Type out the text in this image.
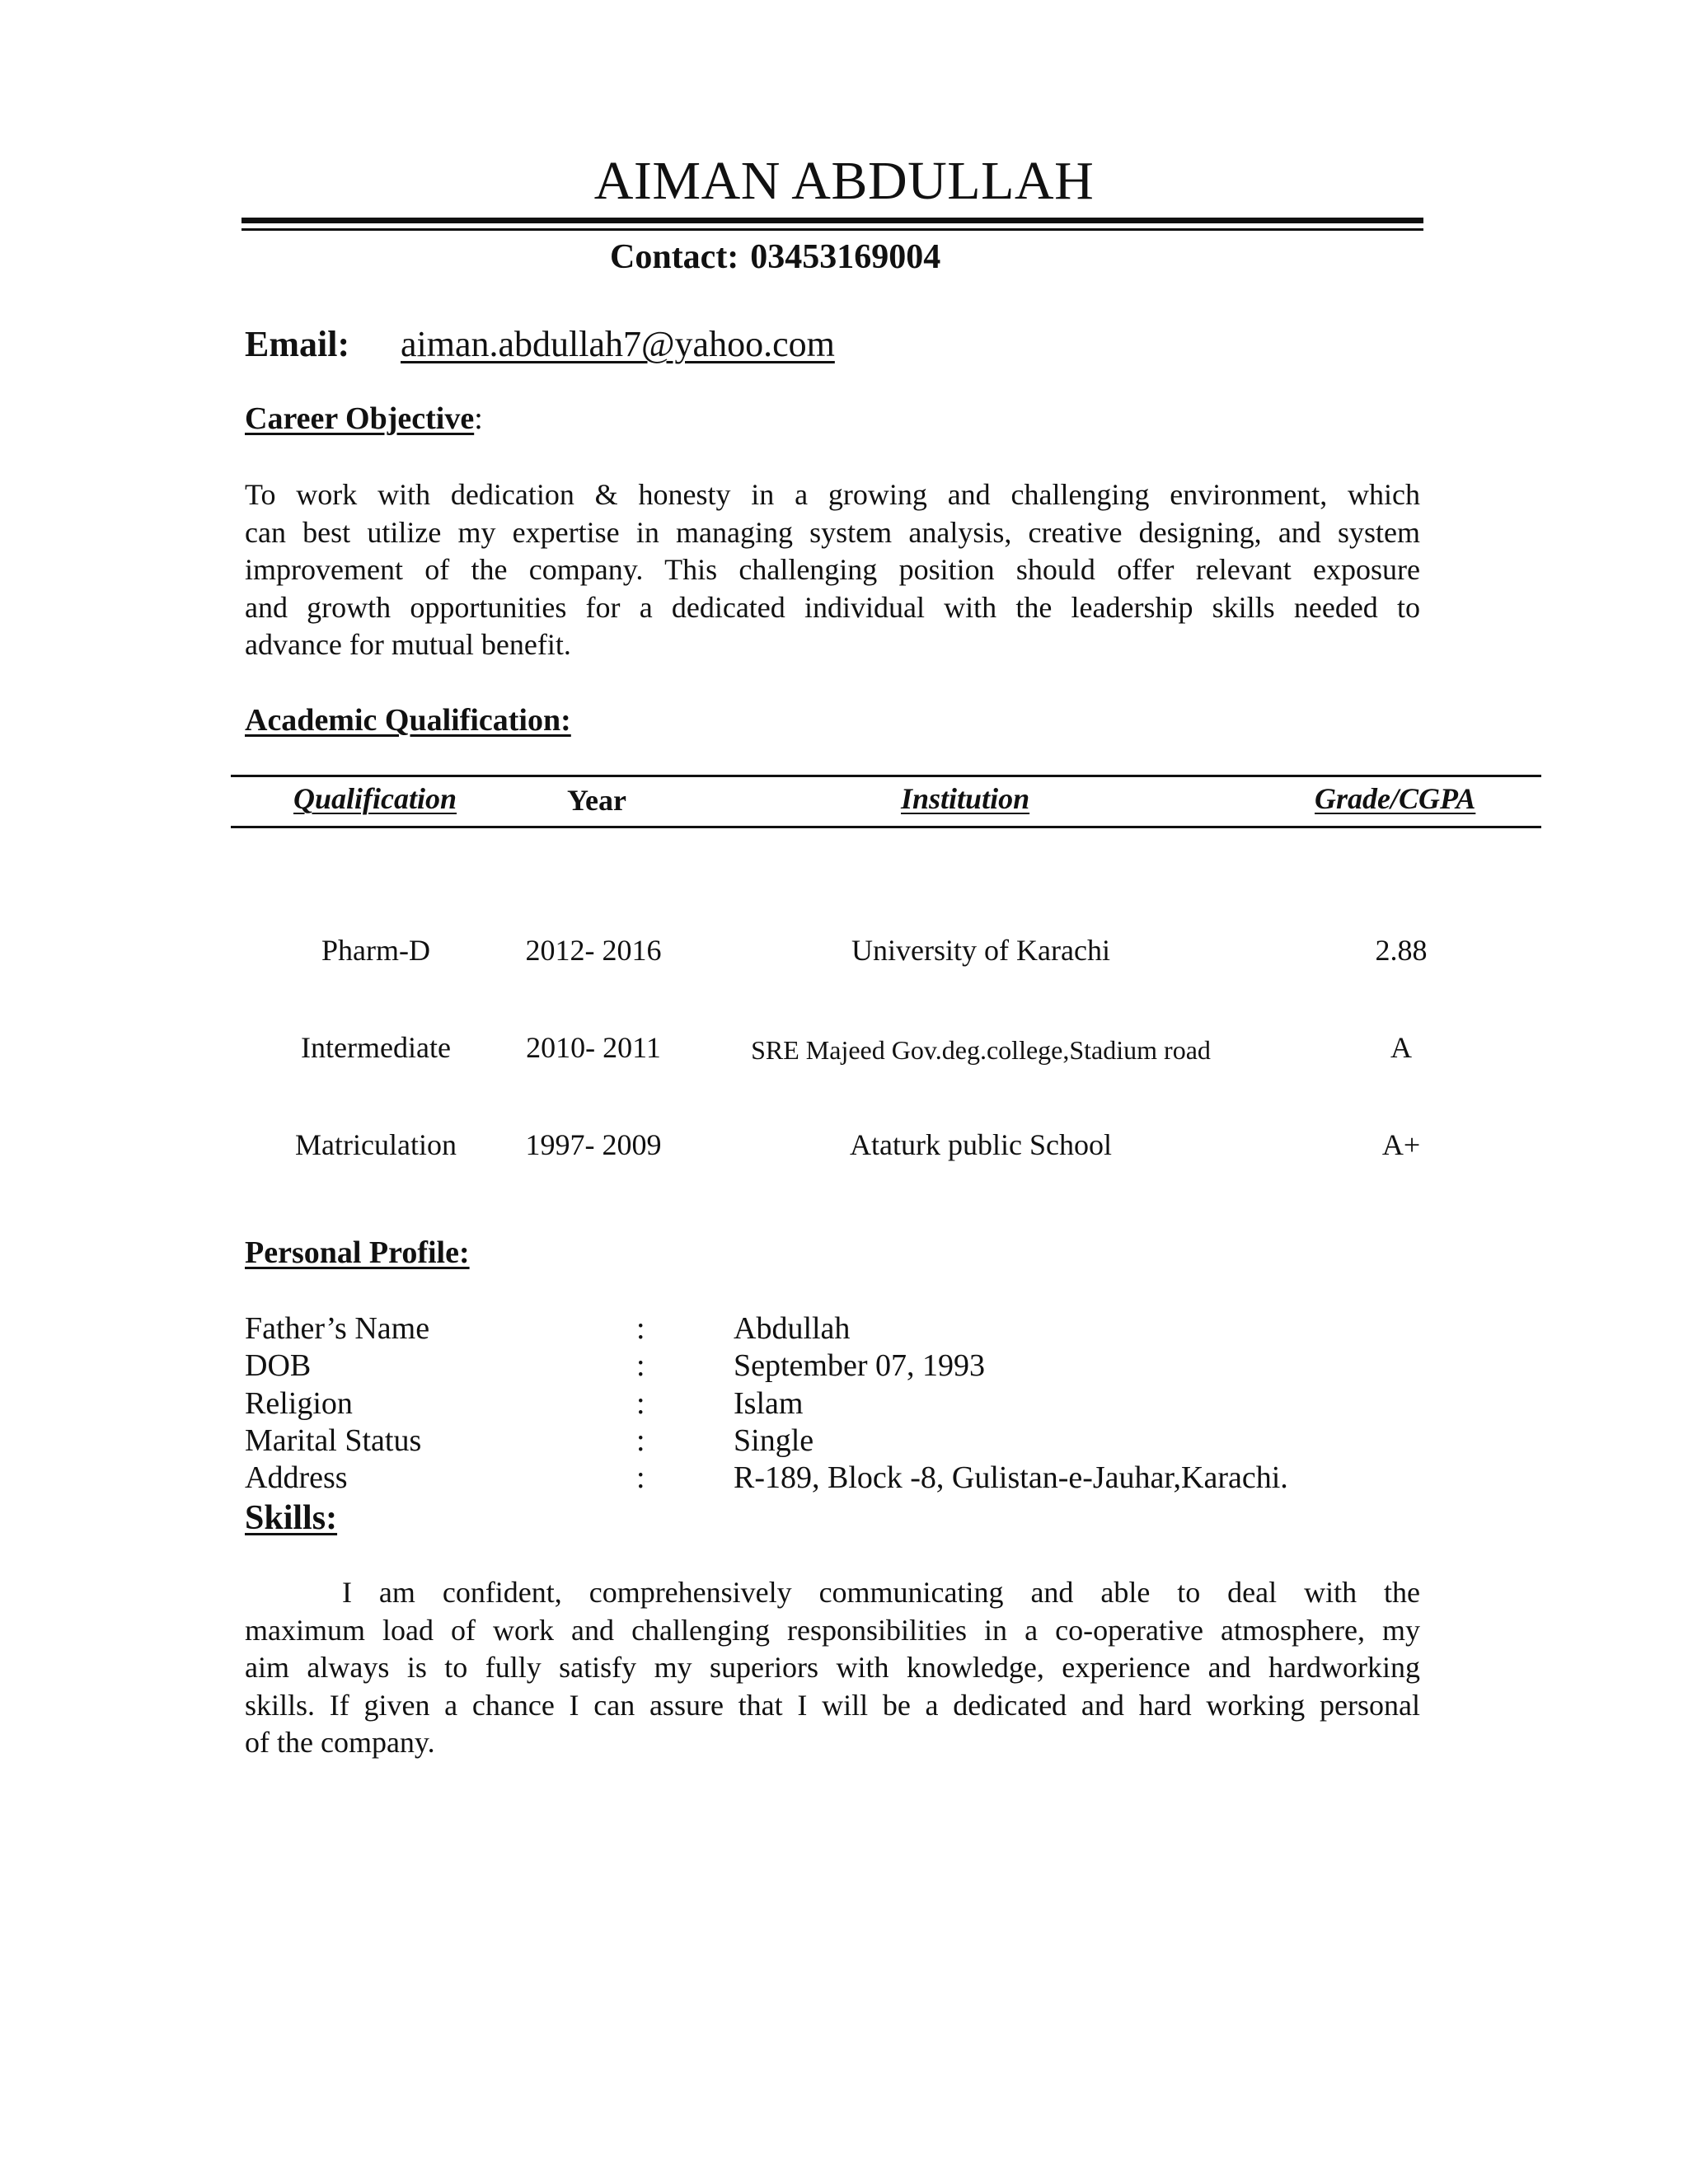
AIMAN ABDULLAH
Contact: 03453169004
Email: aiman.abdullah7@yahoo.com
Career Objective:
To work with dedication & honesty in a growing and challenging environment, which
can best utilize my expertise in managing system analysis, creative designing, and system
improvement of the company. This challenging position should offer relevant exposure
and growth opportunities for a dedicated individual with the leadership skills needed to
advance for mutual benefit.
Academic Qualification:
Qualification	Year	Institution	Grade/CGPA
Pharm-D	2012- 2016	University of Karachi	2.88
Intermediate	2010- 2011	SRE Majeed Gov.deg.college,Stadium road	A
Matriculation	1997- 2009	Ataturk public School	A+
Personal Profile:
Father’s Name	:	Abdullah
DOB	:	September 07, 1993
Religion	:	Islam
Marital Status	:	Single
Address	:	R-189, Block -8, Gulistan-e-Jauhar,Karachi.
Skills:
I am confident, comprehensively communicating and able to deal with the
maximum load of work and challenging responsibilities in a co-operative atmosphere, my
aim always is to fully satisfy my superiors with knowledge, experience and hardworking
skills. If given a chance I can assure that I will be a dedicated and hard working personal
of the company.
